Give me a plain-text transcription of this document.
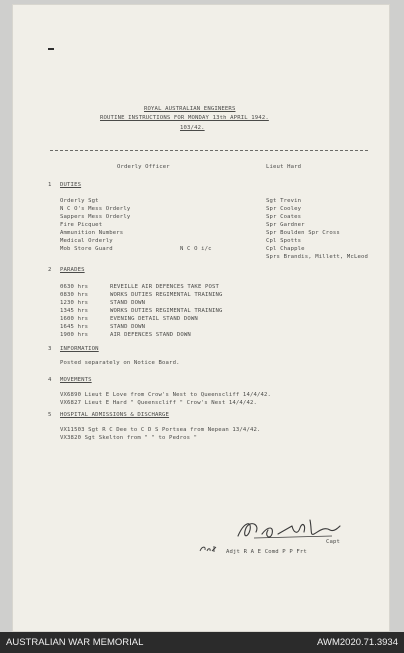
ROYAL AUSTRALIAN ENGINEERS
ROUTINE INSTRUCTIONS FOR MONDAY 13th APRIL 1942.
103/42.
Orderly Officer	Lieut Hard
1 DUTIES
Orderly Sgt	Sgt Trevin
N C O's Mess Orderly	Spr Cooley
Sappers Mess Orderly	Spr Coates
Fire Picquet	Spr Gardner
Ammunition Numbers	Spr Boulden Spr Cross
Medical Orderly	Cpl Spotts
Mob Store Guard	N C O i/c	Cpl Chapple
Sprs Brandis, Millett, McLeod
2 PARADES
0630 hrs	REVEILLE AIR DEFENCES TAKE POST
0830 hrs	WORKS DUTIES REGIMENTAL TRAINING
1230 hrs	STAND DOWN
1345 hrs	WORKS DUTIES REGIMENTAL TRAINING
1600 hrs	EVENING DETAIL STAND DOWN
1645 hrs	STAND DOWN
1900 hrs	AIR DEFENCES STAND DOWN
3 INFORMATION
Posted separately on Notice Board.
4 MOVEMENTS
VX6890 Lieut E Love from Crow's Nest to Queenscliff 14/4/42.
VX6827 Lieut E Hard " Queenscliff " Crow's Nest 14/4/42.
5 HOSPITAL ADMISSIONS & DISCHARGE
VX11503 Sgt R C Dee to C D S Portsea from Nepean 13/4/42.
VX3820 Sgt Skelton from " " to Pedros "
Capt
Adjt R A E Comd P P Frt
AUSTRALIAN WAR MEMORIAL	AWM2020.71.3934
